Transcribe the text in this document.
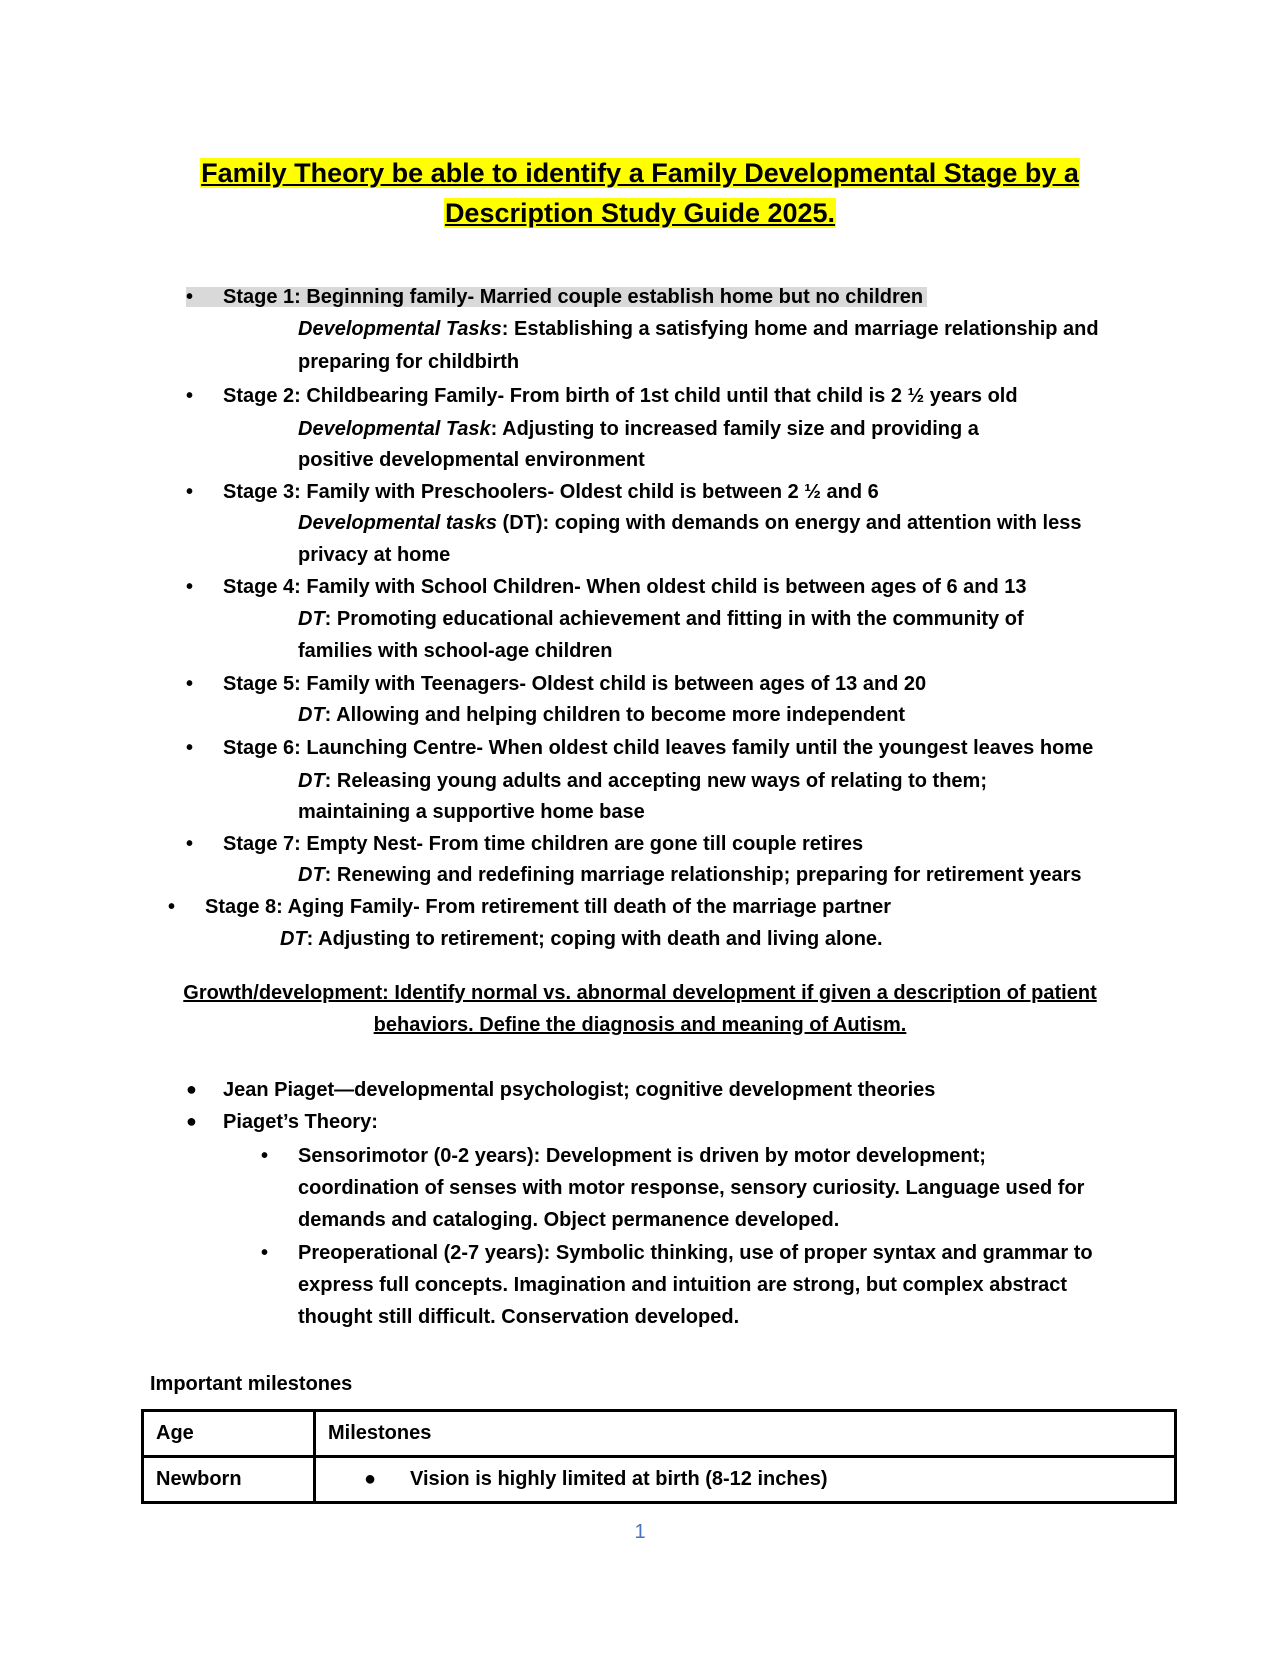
Family Theory be able to identify a Family Developmental Stage by a
Description Study Guide 2025.
• Stage 1: Beginning family- Married couple establish home but no children
Developmental Tasks: Establishing a satisfying home and marriage relationship and
preparing for childbirth
• Stage 2: Childbearing Family- From birth of 1st child until that child is 2 ½ years old
Developmental Task: Adjusting to increased family size and providing a
positive developmental environment
• Stage 3: Family with Preschoolers- Oldest child is between 2 ½ and 6
Developmental tasks (DT): coping with demands on energy and attention with less
privacy at home
• Stage 4: Family with School Children- When oldest child is between ages of 6 and 13
DT: Promoting educational achievement and fitting in with the community of
families with school-age children
• Stage 5: Family with Teenagers- Oldest child is between ages of 13 and 20
DT: Allowing and helping children to become more independent
• Stage 6: Launching Centre- When oldest child leaves family until the youngest leaves home
DT: Releasing young adults and accepting new ways of relating to them;
maintaining a supportive home base
• Stage 7: Empty Nest- From time children are gone till couple retires
DT: Renewing and redefining marriage relationship; preparing for retirement years
• Stage 8: Aging Family- From retirement till death of the marriage partner
DT: Adjusting to retirement; coping with death and living alone.
Growth/development: Identify normal vs. abnormal development if given a description of patient
behaviors. Define the diagnosis and meaning of Autism.
● Jean Piaget—developmental psychologist; cognitive development theories
● Piaget’s Theory:
• Sensorimotor (0-2 years): Development is driven by motor development;
coordination of senses with motor response, sensory curiosity. Language used for
demands and cataloging. Object permanence developed.
• Preoperational (2-7 years): Symbolic thinking, use of proper syntax and grammar to
express full concepts. Imagination and intuition are strong, but complex abstract
thought still difficult. Conservation developed.
Important milestones
Age	Milestones
Newborn	● Vision is highly limited at birth (8-12 inches)
1
